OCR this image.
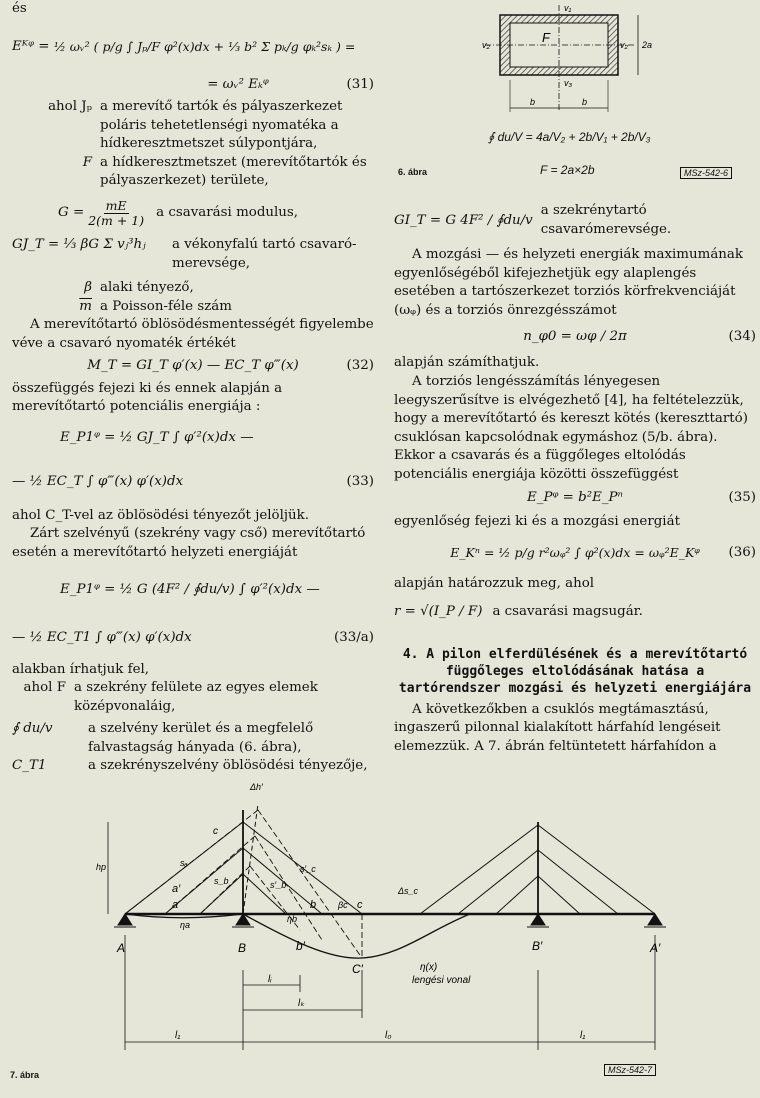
és

Eᴷᵠ =
½ ωᵥ² ( p/g ∫ Jₚ/F φ²(x)dx + ⅓ b² Σ pₖ/g φₖ²sₖ ) =
= ωᵥ² Eₖᵠ	(31)
ahol Jₚ a merevítő tartók és pályaszerkezet poláris tehetetlenségi nyomatéka a hídkeresztmetszet súlypontjára,
F a hídkeresztmetszet (merevítőtartók és pályaszerkezet) területe,
$G = \frac{mE}{2(m + 1)}$ a csavarási modulus,
GJ_T = ⅓ βG Σ vⱼ³hⱼ	a vékonyfalú tartó csavaró-merevsége,
β alaki tényező,
$\overline{m}$ a Poisson-féle szám

A merevítőtartó öblösödésmentességét figyelembe véve a csavaró nyomaték értékét

M_T = GI_T φ′(x) — EC_T φ‴(x)	(32)

összefüggés fejezi ki és ennek alapján a merevítőtartó potenciális energiája :

E_P1ᵠ = ½ GJ_T ∫ φ′²(x)dx —
— ½ EC_T ∫ φ‴(x) φ′(x)dx	(33)

ahol C_T-vel az öblösödési tényezőt jelöljük.

Zárt szelvényű (szekrény vagy cső) merevítőtartó esetén a merevítőtartó helyzeti energiáját

E_P1ᵠ = ½ G (4F² / ∮du/v) ∫ φ′²(x)dx —
— ½ EC_T1 ∫ φ‴(x) φ′(x)dx	(33/a)

alakban írhatjuk fel,

ahol F a szekrény felülete az egyes elemek középvonaláig,
∮ du/v	a szelvény kerület és a megfelelő falvastagság hányada (6. ábra),
C_T1	a szekrényszelvény öblösödési tényezője,
F
v₂	v₂
v₁
v₃
2a
b	b
∮ du/V = 4a/V₂ + 2b/V₁ + 2b/V₃
F = 2a×2b
6. ábra	MSz-542-6
GI_T = G 4F² / ∮du/v
a szekrénytartó csavarómerevsége.

A mozgási — és helyzeti energiák maximumának egyenlőségéből kifejezhetjük egy alaplengés esetében a tartószerkezet torziós körfrekvenciáját (ωᵩ) és a torziós önrezgésszámot

n_φ0 = ωφ / 2π	(34)

alapján számíthatjuk.

A torziós lengésszámítás lényegesen leegyszerűsítve is elvégezhető [4], ha feltételezzük, hogy a merevítőtartó és kereszt kötés (kereszttartó) csuklósan kapcsolódnak egymáshoz (5/b. ábra). Ekkor a csavarás és a függőleges eltolódás potenciális energiája közötti összefüggést

E_Pᵠ = b²E_Pⁿ	(35)

egyenlőség fejezi ki és a mozgási energiát

E_Kⁿ = ½ p/g r²ωᵩ² ∫ φ²(x)dx = ωᵩ²E_Kᵠ (36)

alapján határozzuk meg, ahol

r = √(I_P / F) a csavarási magsugár.
4. A pilon elferdülésének és a merevítőtartó függőleges eltolódásának hatása a tartórendszer mozgási és helyzeti energiájára

A következőkben a csuklós megtámasztású, ingaszerű pilonnal kialakított hárfahíd lengéseit elemezzük. A 7. ábrán feltüntetett hárfahídon a

A	B	b′
C′
B′	A′
a′
a
ηa
ηb
b	c
βc
c
hp
Δh′
sₐ
s_b
s′_c
s′_b
Δs_c
η(x)
lengési vonal
lᵢ
lₖ
l₁	l₀	l₁
7. ábra	MSz-542-7
